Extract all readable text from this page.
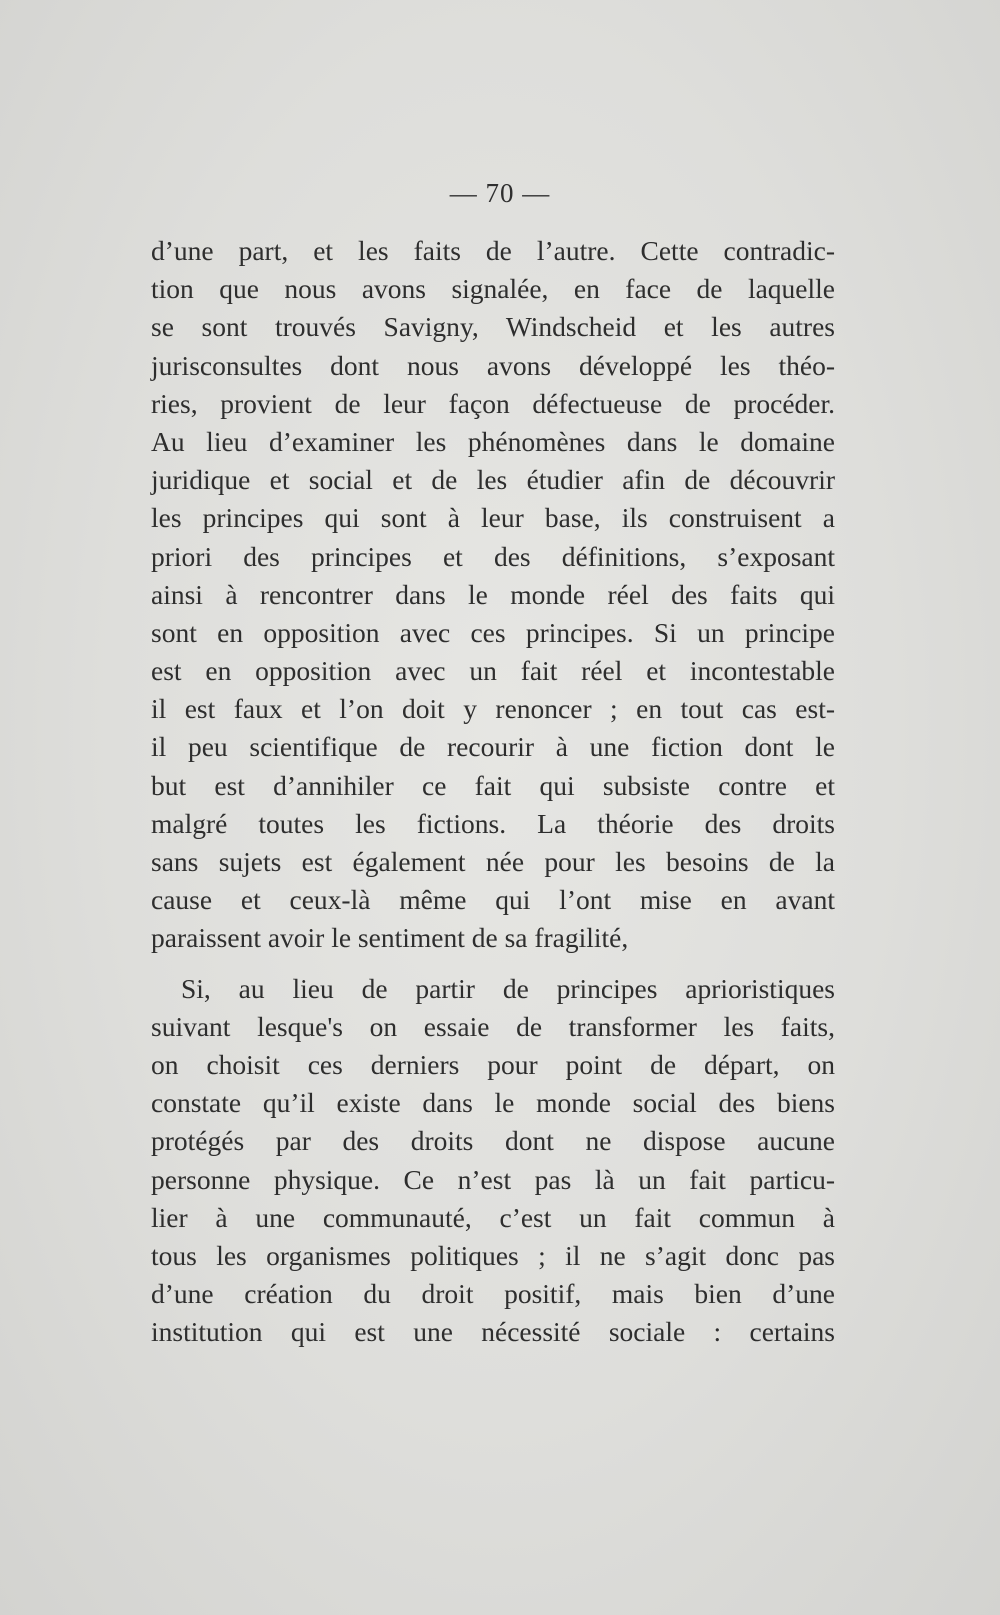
— 70 —

d’une part, et les faits de l’autre. Cette contradic-
tion que nous avons signalée, en face de laquelle
se sont trouvés Savigny, Windscheid et les autres
jurisconsultes dont nous avons développé les théo-
ries, provient de leur façon défectueuse de procéder.
Au lieu d’examiner les phénomènes dans le domaine
juridique et social et de les étudier afin de découvrir
les principes qui sont à leur base, ils construisent a
priori des principes et des définitions, s’exposant
ainsi à rencontrer dans le monde réel des faits qui
sont en opposition avec ces principes. Si un principe
est en opposition avec un fait réel et incontestable
il est faux et l’on doit y renoncer ; en tout cas est-
il peu scientifique de recourir à une fiction dont le
but est d’annihiler ce fait qui subsiste contre et
malgré toutes les fictions. La théorie des droits
sans sujets est également née pour les besoins de la
cause et ceux-là même qui l’ont mise en avant
paraissent avoir le sentiment de sa fragilité,

Si, au lieu de partir de principes aprioristiques
suivant lesque's on essaie de transformer les faits,
on choisit ces derniers pour point de départ, on
constate qu’il existe dans le monde social des biens
protégés par des droits dont ne dispose aucune
personne physique. Ce n’est pas là un fait particu-
lier à une communauté, c’est un fait commun à
tous les organismes politiques ; il ne s’agit donc pas
d’une création du droit positif, mais bien d’une
institution qui est une nécessité sociale : certains
